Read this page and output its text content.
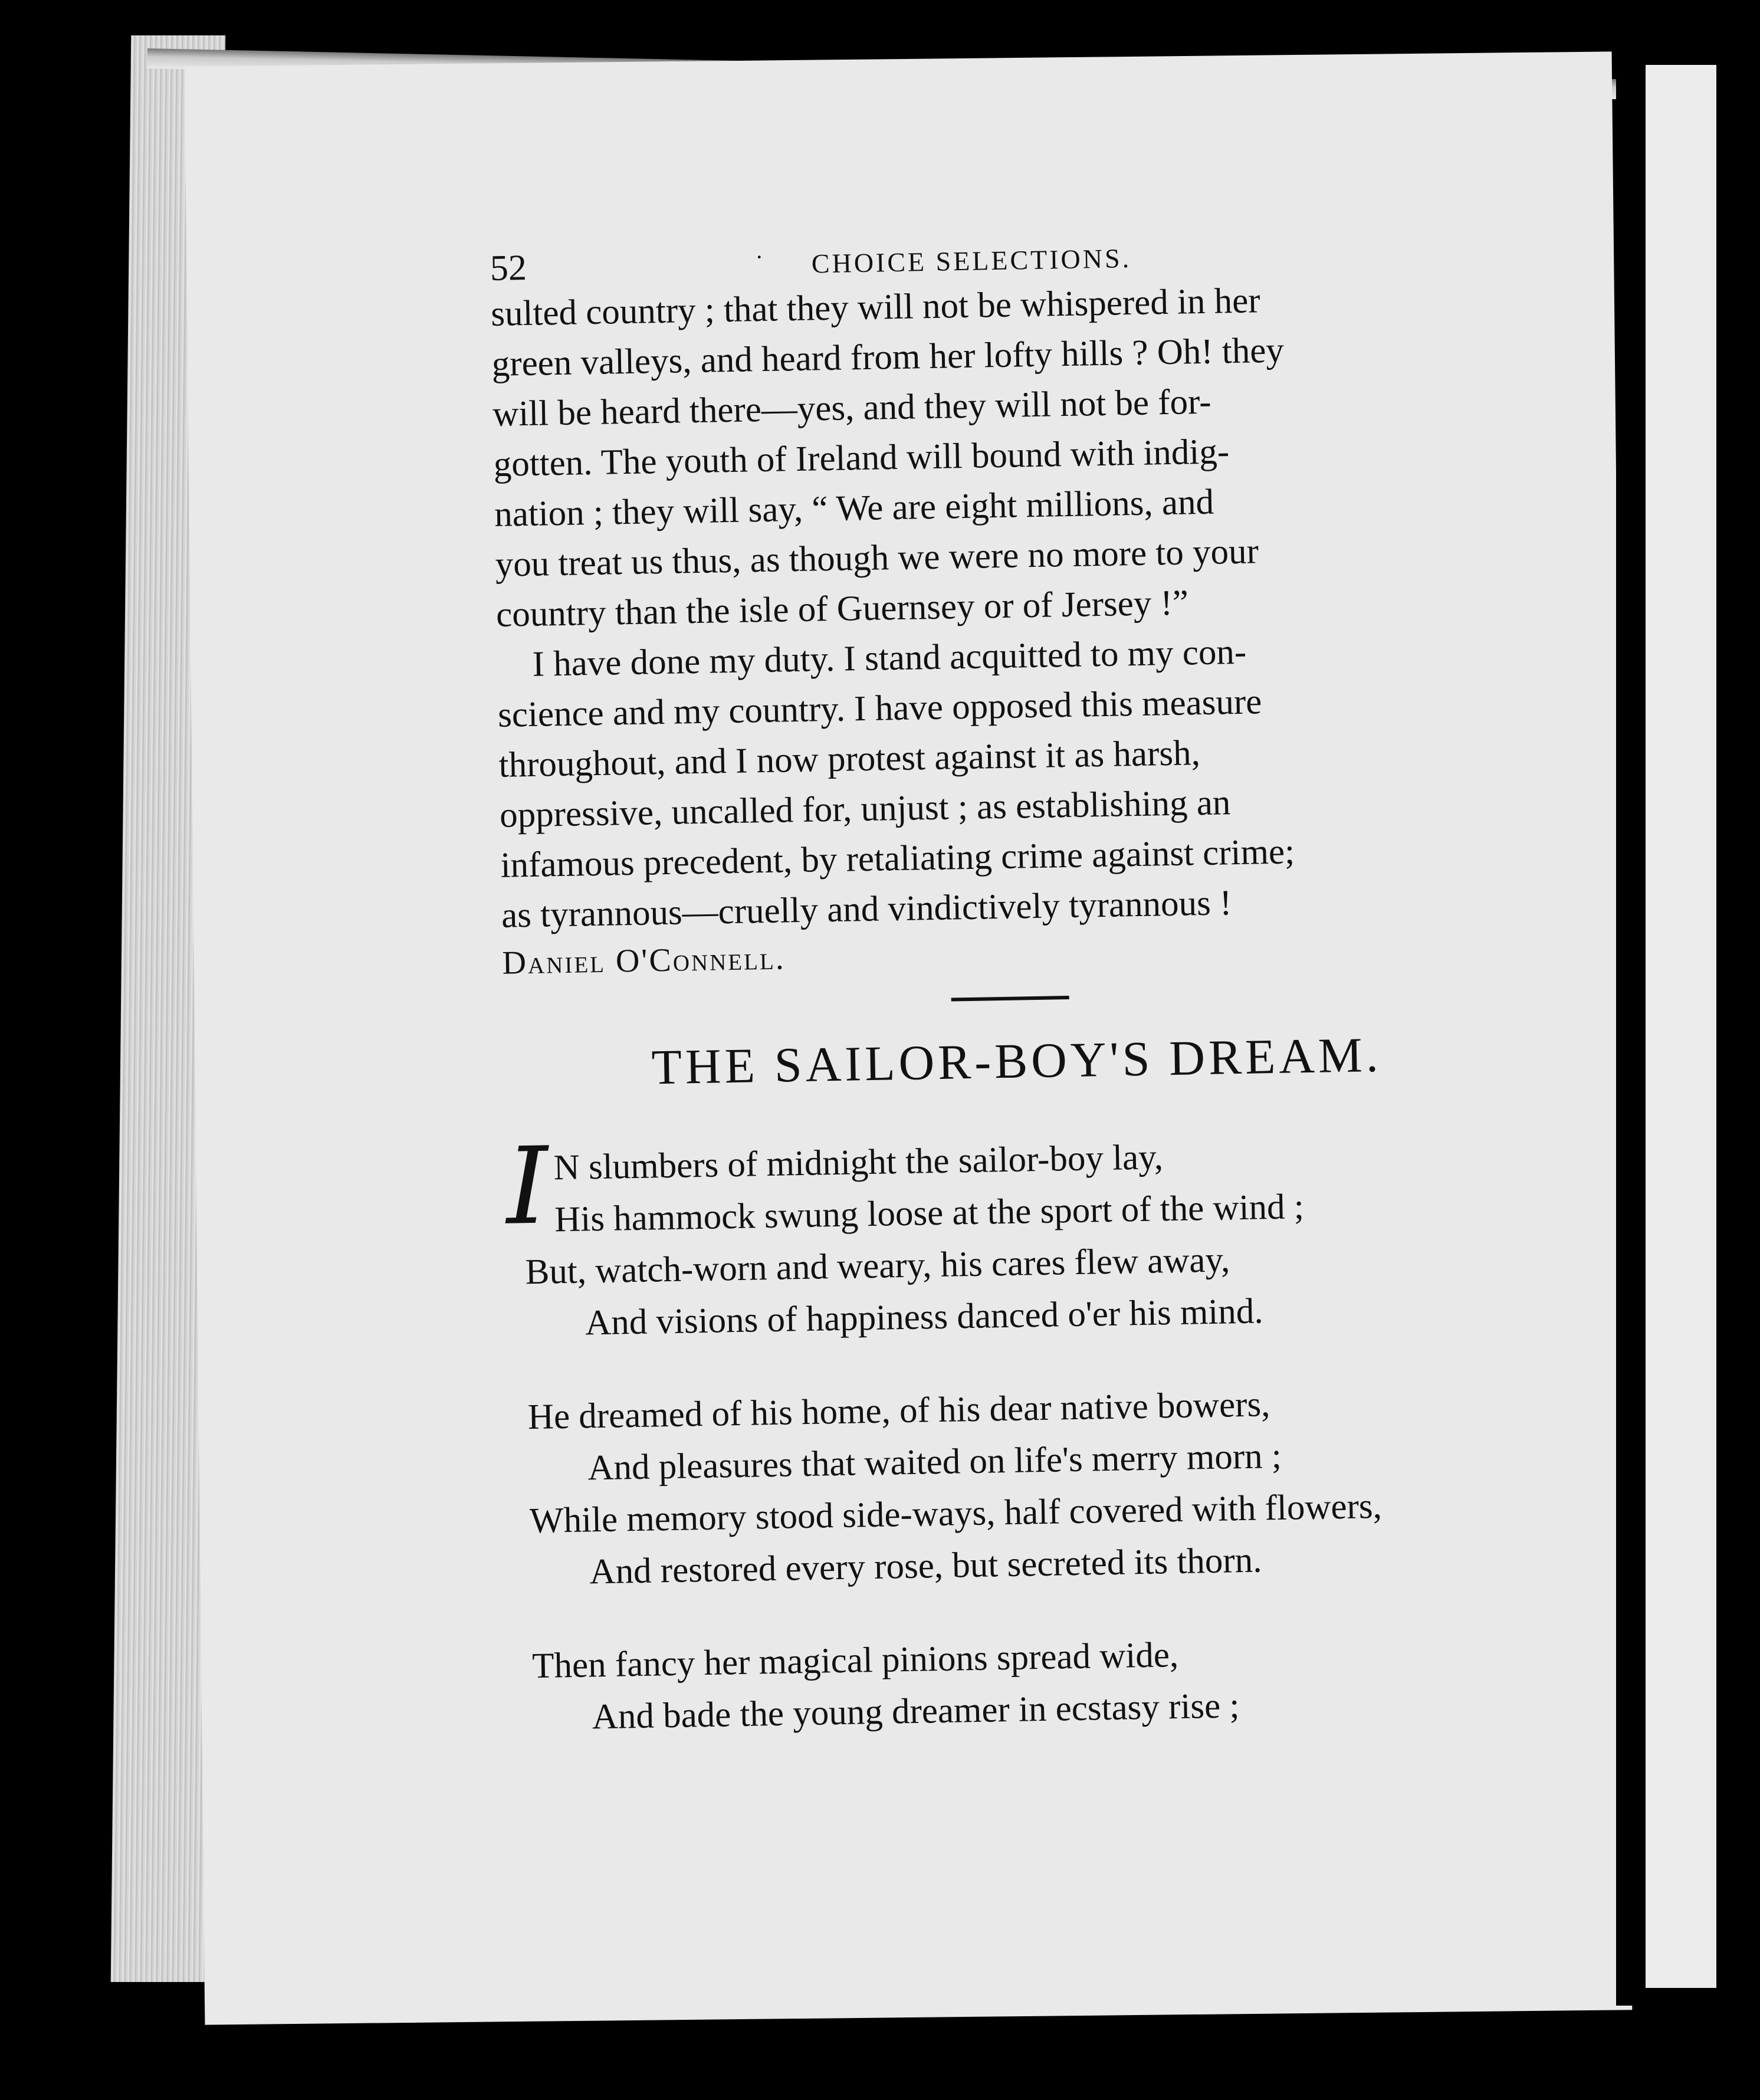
52	· CHOICE SELECTIONS.

sulted country ; that they will not be whispered in her
green valleys, and heard from her lofty hills ? Oh! they
will be heard there—yes, and they will not be for-
gotten. The youth of Ireland will bound with indig-
nation ; they will say, “ We are eight millions, and
you treat us thus, as though we were no more to your
country than the isle of Guernsey or of Jersey !”

I have done my duty. I stand acquitted to my con-
science and my country. I have opposed this measure
throughout, and I now protest against it as harsh,
oppressive, uncalled for, unjust ; as establishing an
infamous precedent, by retaliating crime against crime;
as tyrannous—cruelly and vindictively tyrannous !

Daniel O'Connell.
THE SAILOR-BOY'S DREAM.
I N slumbers of midnight the sailor-boy lay,
His hammock swung loose at the sport of the wind ;
But, watch-worn and weary, his cares flew away,
And visions of happiness danced o'er his mind.
He dreamed of his home, of his dear native bowers,
And pleasures that waited on life's merry morn ;
While memory stood side-ways, half covered with flowers,
And restored every rose, but secreted its thorn.
Then fancy her magical pinions spread wide,
And bade the young dreamer in ecstasy rise ;
